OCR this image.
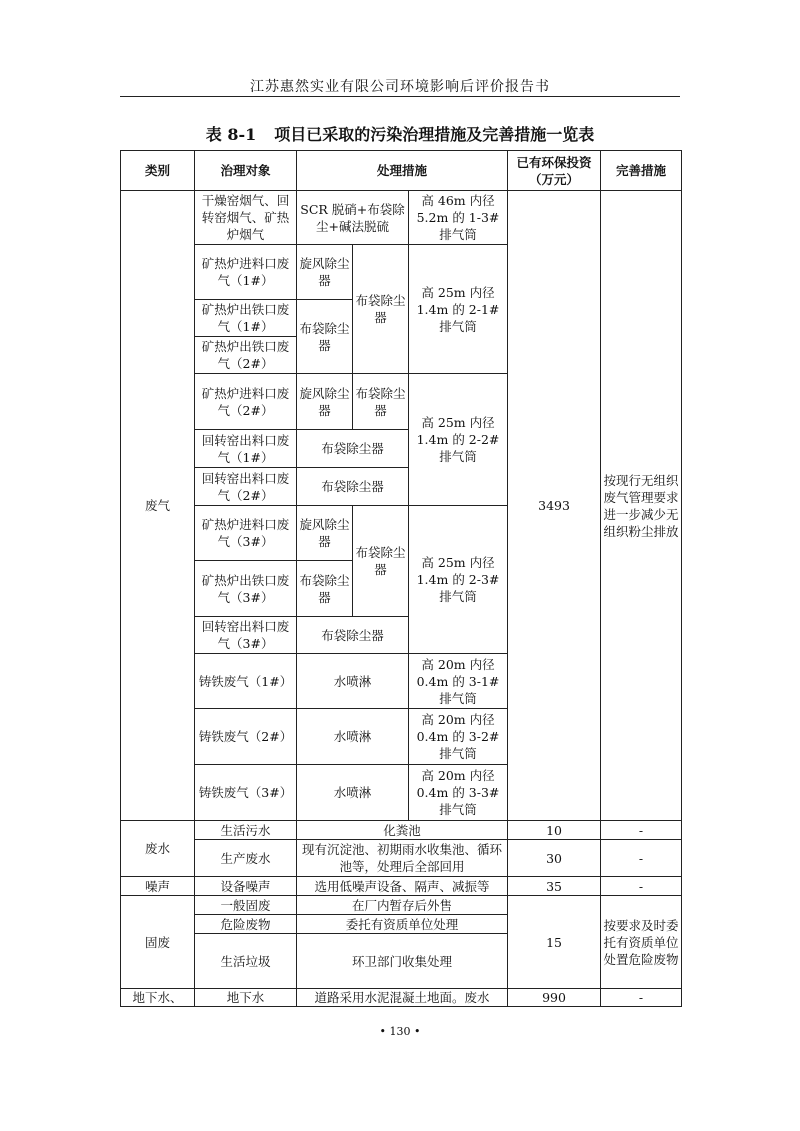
江苏惠然实业有限公司环境影响后评价报告书
表 8-1 项目已采取的污染治理措施及完善措施一览表
类别	治理对象	处理措施			已有环保投资（万元）	完善措施
废气	干燥窑烟气、回转窑烟气、矿热炉烟气	SCR 脱硝+布袋除尘+碱法脱硫		高 46m 内径 5.2m 的 1-3#排气筒	3493	按现行无组织废气管理要求进一步减少无组织粉尘排放
	矿热炉进料口废气（1#）	旋风除尘器	布袋除尘器	高 25m 内径 1.4m 的 2-1#排气筒		
	矿热炉出铁口废气（1#）	布袋除尘器				
	矿热炉出铁口废气（2#）					
	矿热炉进料口废气（2#）	旋风除尘器	布袋除尘器	高 25m 内径 1.4m 的 2-2#排气筒		
	回转窑出料口废气（1#）	布袋除尘器				
	回转窑出料口废气（2#）	布袋除尘器				
	矿热炉进料口废气（3#）	旋风除尘器	布袋除尘器	高 25m 内径 1.4m 的 2-3#排气筒		
	矿热炉出铁口废气（3#）	布袋除尘器				
	回转窑出料口废气（3#）	布袋除尘器				
	铸铁废气（1#）	水喷淋		高 20m 内径 0.4m 的 3-1#排气筒		
	铸铁废气（2#）	水喷淋		高 20m 内径 0.4m 的 3-2#排气筒		
	铸铁废气（3#）	水喷淋		高 20m 内径 0.4m 的 3-3#排气筒		
废水	生活污水	化粪池			10	-
	生产废水	现有沉淀池、初期雨水收集池、循环池等，处理后全部回用			30	-
噪声	设备噪声	选用低噪声设备、隔声、减振等			35	-
固废	一般固废	在厂内暂存后外售			15	按要求及时委托有资质单位处置危险废物
	危险废物	委托有资质单位处理				
	生活垃圾	环卫部门收集处理				
地下水、	地下水	道路采用水泥混凝土地面。废水			990	-
• 130 •
